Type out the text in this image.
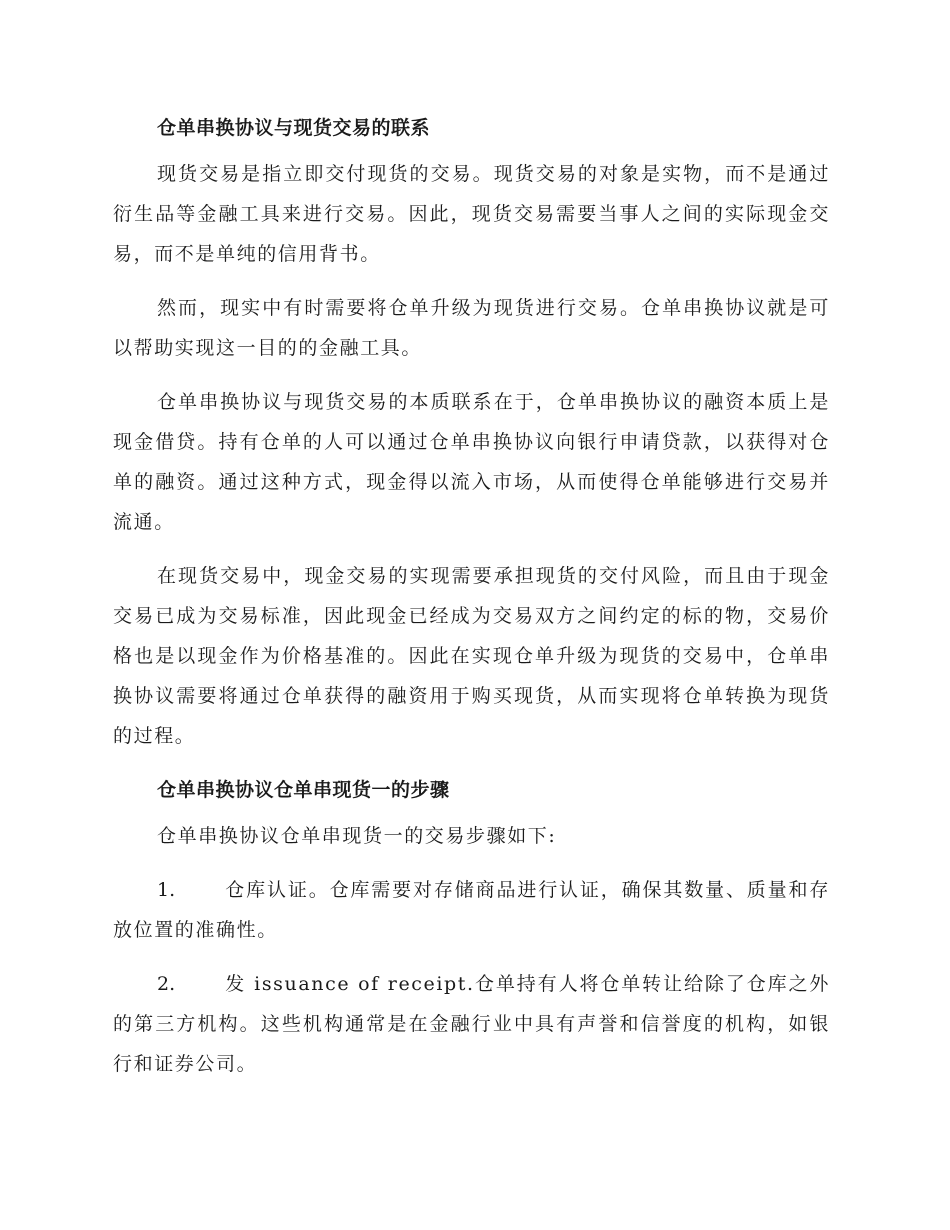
仓单串换协议与现货交易的联系

现货交易是指立即交付现货的交易。现货交易的对象是实物，而不是通过衍生品等金融工具来进行交易。因此，现货交易需要当事人之间的实际现金交易，而不是单纯的信用背书。

然而，现实中有时需要将仓单升级为现货进行交易。仓单串换协议就是可以帮助实现这一目的的金融工具。

仓单串换协议与现货交易的本质联系在于，仓单串换协议的融资本质上是现金借贷。持有仓单的人可以通过仓单串换协议向银行申请贷款，以获得对仓单的融资。通过这种方式，现金得以流入市场，从而使得仓单能够进行交易并流通。

在现货交易中，现金交易的实现需要承担现货的交付风险，而且由于现金交易已成为交易标准，因此现金已经成为交易双方之间约定的标的物，交易价格也是以现金作为价格基准的。因此在实现仓单升级为现货的交易中，仓单串换协议需要将通过仓单获得的融资用于购买现货，从而实现将仓单转换为现货的过程。

仓单串换协议仓单串现货一的步骤

仓单串换协议仓单串现货一的交易步骤如下:

1.	仓库认证。仓库需要对存储商品进行认证，确保其数量、质量和存放位置的准确性。

2.	发 issuance of receipt.仓单持有人将仓单转让给除了仓库之外的第三方机构。这些机构通常是在金融行业中具有声誉和信誉度的机构，如银行和证券公司。
